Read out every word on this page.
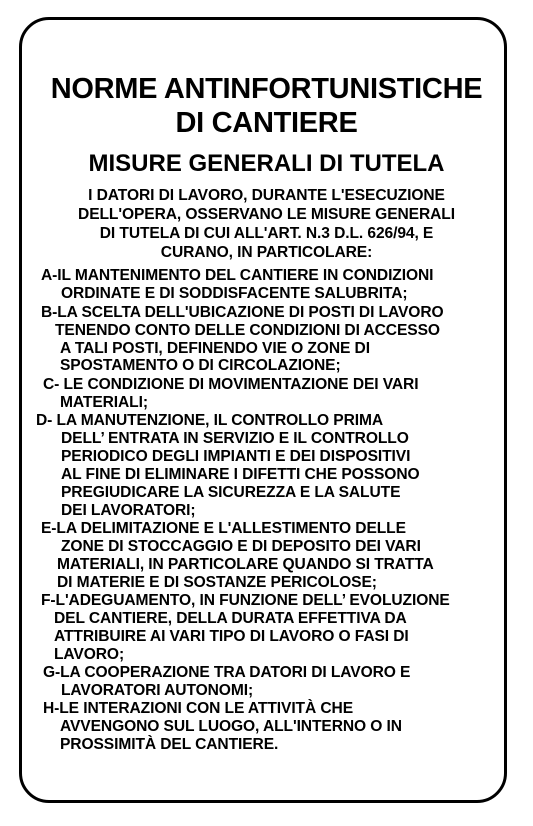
NORME ANTINFORTUNISTICHE
DI CANTIERE
MISURE GENERALI DI TUTELA

I DATORI DI LAVORO, DURANTE L'ESECUZIONE

DELL'OPERA, OSSERVANO LE MISURE GENERALI

DI TUTELA DI CUI ALL'ART. N.3 D.L. 626/94, E

CURANO, IN PARTICOLARE:

A-IL MANTENIMENTO DEL CANTIERE IN CONDIZIONI

ORDINATE E DI SODDISFACENTE SALUBRITA;

B-LA SCELTA DELL'UBICAZIONE DI POSTI DI LAVORO

TENENDO CONTO DELLE CONDIZIONI DI ACCESSO

A TALI POSTI, DEFINENDO VIE O ZONE DI

SPOSTAMENTO O DI CIRCOLAZIONE;

C- LE CONDIZIONE DI MOVIMENTAZIONE DEI VARI

MATERIALI;

D- LA MANUTENZIONE, IL CONTROLLO PRIMA

DELL’ ENTRATA IN SERVIZIO E IL CONTROLLO

PERIODICO DEGLI IMPIANTI E DEI DISPOSITIVI

AL FINE DI ELIMINARE I DIFETTI CHE POSSONO

PREGIUDICARE LA SICUREZZA E LA SALUTE

DEI LAVORATORI;

E-LA DELIMITAZIONE E L'ALLESTIMENTO DELLE

ZONE DI STOCCAGGIO E DI DEPOSITO DEI VARI

MATERIALI, IN PARTICOLARE QUANDO SI TRATTA

DI MATERIE E DI SOSTANZE PERICOLOSE;

F-L'ADEGUAMENTO, IN FUNZIONE DELL’ EVOLUZIONE

DEL CANTIERE, DELLA DURATA EFFETTIVA DA

ATTRIBUIRE AI VARI TIPO DI LAVORO O FASI DI

LAVORO;

G-LA COOPERAZIONE TRA DATORI DI LAVORO E

LAVORATORI AUTONOMI;

H-LE INTERAZIONI CON LE ATTIVITÀ CHE

AVVENGONO SUL LUOGO, ALL'INTERNO O IN

PROSSIMITÀ DEL CANTIERE.
